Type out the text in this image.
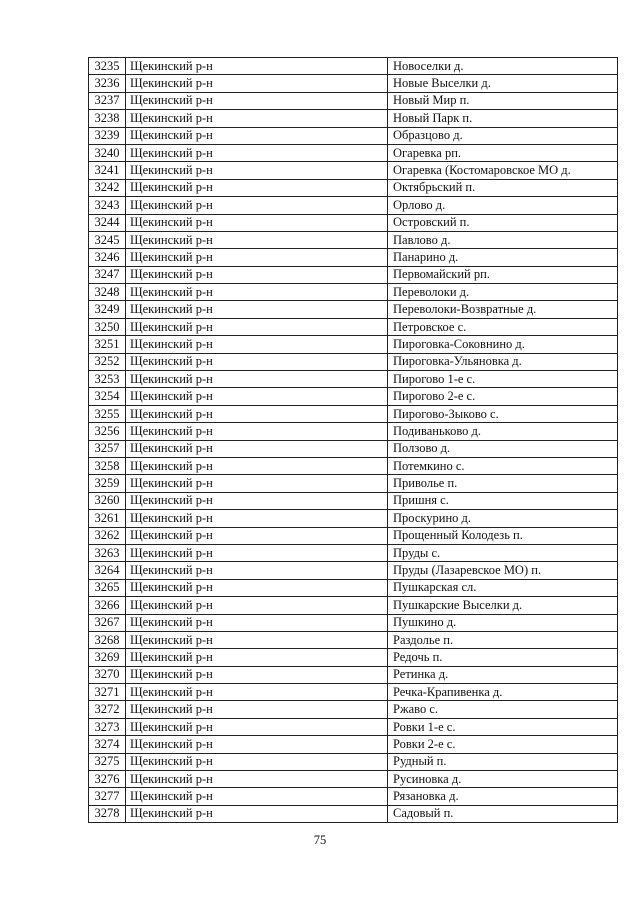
3235	Щекинский р-н	Новоселки д.
3236	Щекинский р-н	Новые Выселки д.
3237	Щекинский р-н	Новый Мир п.
3238	Щекинский р-н	Новый Парк п.
3239	Щекинский р-н	Образцово д.
3240	Щекинский р-н	Огаревка рп.
3241	Щекинский р-н	Огаревка (Костомаровское МО д.
3242	Щекинский р-н	Октябрьский п.
3243	Щекинский р-н	Орлово д.
3244	Щекинский р-н	Островский п.
3245	Щекинский р-н	Павлово д.
3246	Щекинский р-н	Панарино д.
3247	Щекинский р-н	Первомайский рп.
3248	Щекинский р-н	Переволоки д.
3249	Щекинский р-н	Переволоки-Возвратные д.
3250	Щекинский р-н	Петровское с.
3251	Щекинский р-н	Пироговка-Соковнино д.
3252	Щекинский р-н	Пироговка-Ульяновка д.
3253	Щекинский р-н	Пирогово 1-е с.
3254	Щекинский р-н	Пирогово 2-е с.
3255	Щекинский р-н	Пирогово-Зыково с.
3256	Щекинский р-н	Подиваньково д.
3257	Щекинский р-н	Ползово д.
3258	Щекинский р-н	Потемкино с.
3259	Щекинский р-н	Приволье п.
3260	Щекинский р-н	Пришня с.
3261	Щекинский р-н	Проскурино д.
3262	Щекинский р-н	Прощенный Колодезь п.
3263	Щекинский р-н	Пруды с.
3264	Щекинский р-н	Пруды (Лазаревское МО) п.
3265	Щекинский р-н	Пушкарская сл.
3266	Щекинский р-н	Пушкарские Выселки д.
3267	Щекинский р-н	Пушкино д.
3268	Щекинский р-н	Раздолье п.
3269	Щекинский р-н	Редочь п.
3270	Щекинский р-н	Ретинка д.
3271	Щекинский р-н	Речка-Крапивенка д.
3272	Щекинский р-н	Ржаво с.
3273	Щекинский р-н	Ровки 1-е с.
3274	Щекинский р-н	Ровки 2-е с.
3275	Щекинский р-н	Рудный п.
3276	Щекинский р-н	Русиновка д.
3277	Щекинский р-н	Рязановка д.
3278	Щекинский р-н	Садовый п.
75
